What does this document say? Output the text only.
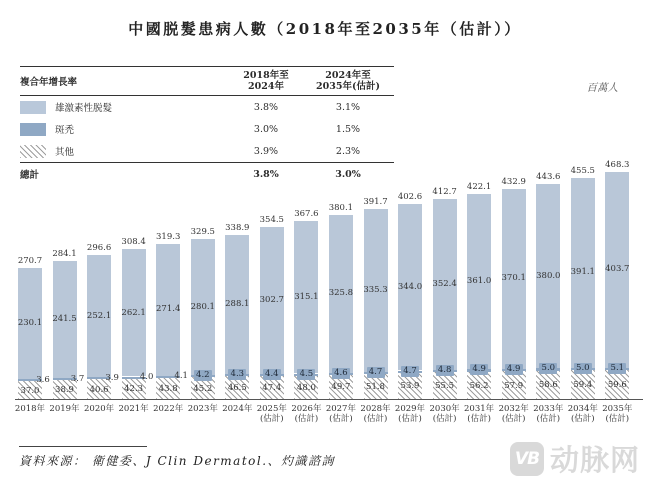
中國脱髮患病人數（2018年至2035年（估計））
百萬人
複合年增長率
2018年至
2024年
2024年至
2035年(估計)
雄激素性脱髮	3.8%	3.1%
斑禿	3.0%	1.5%
其他	3.9%	2.3%
總計	3.8%	3.0%
270.7
230.1
3.6
37.0
2018年
284.1
241.5
3.7
38.9
2019年
296.6
252.1
3.9
40.6
2020年
308.4
262.1
4.0
42.3
2021年
319.3
271.4
4.1
43.8
2022年
329.5
280.1
4.2
45.2
2023年
338.9
288.1
4.3
46.5
2024年
354.5
302.7
4.4
47.4
2025年
(估計)
367.6
315.1
4.5
48.0
2026年
(估計)
380.1
325.8
4.6
49.7
2027年
(估計)
391.7
335.3
4.7
51.8
2028年
(估計)
402.6
344.0
4.7
53.9
2029年
(估計)
412.7
352.4
4.8
55.5
2030年
(估計)
422.1
361.0
4.9
56.2
2031年
(估計)
432.9
370.1
4.9
57.9
2032年
(估計)
443.6
380.0
5.0
58.6
2033年
(估計)
455.5
391.1
5.0
59.4
2034年
(估計)
468.3
403.7
5.1
59.6
2035年
(估計)
資料來源： 衛健委、J Clin Dermatol.、灼識諮詢	VB 动脉网
